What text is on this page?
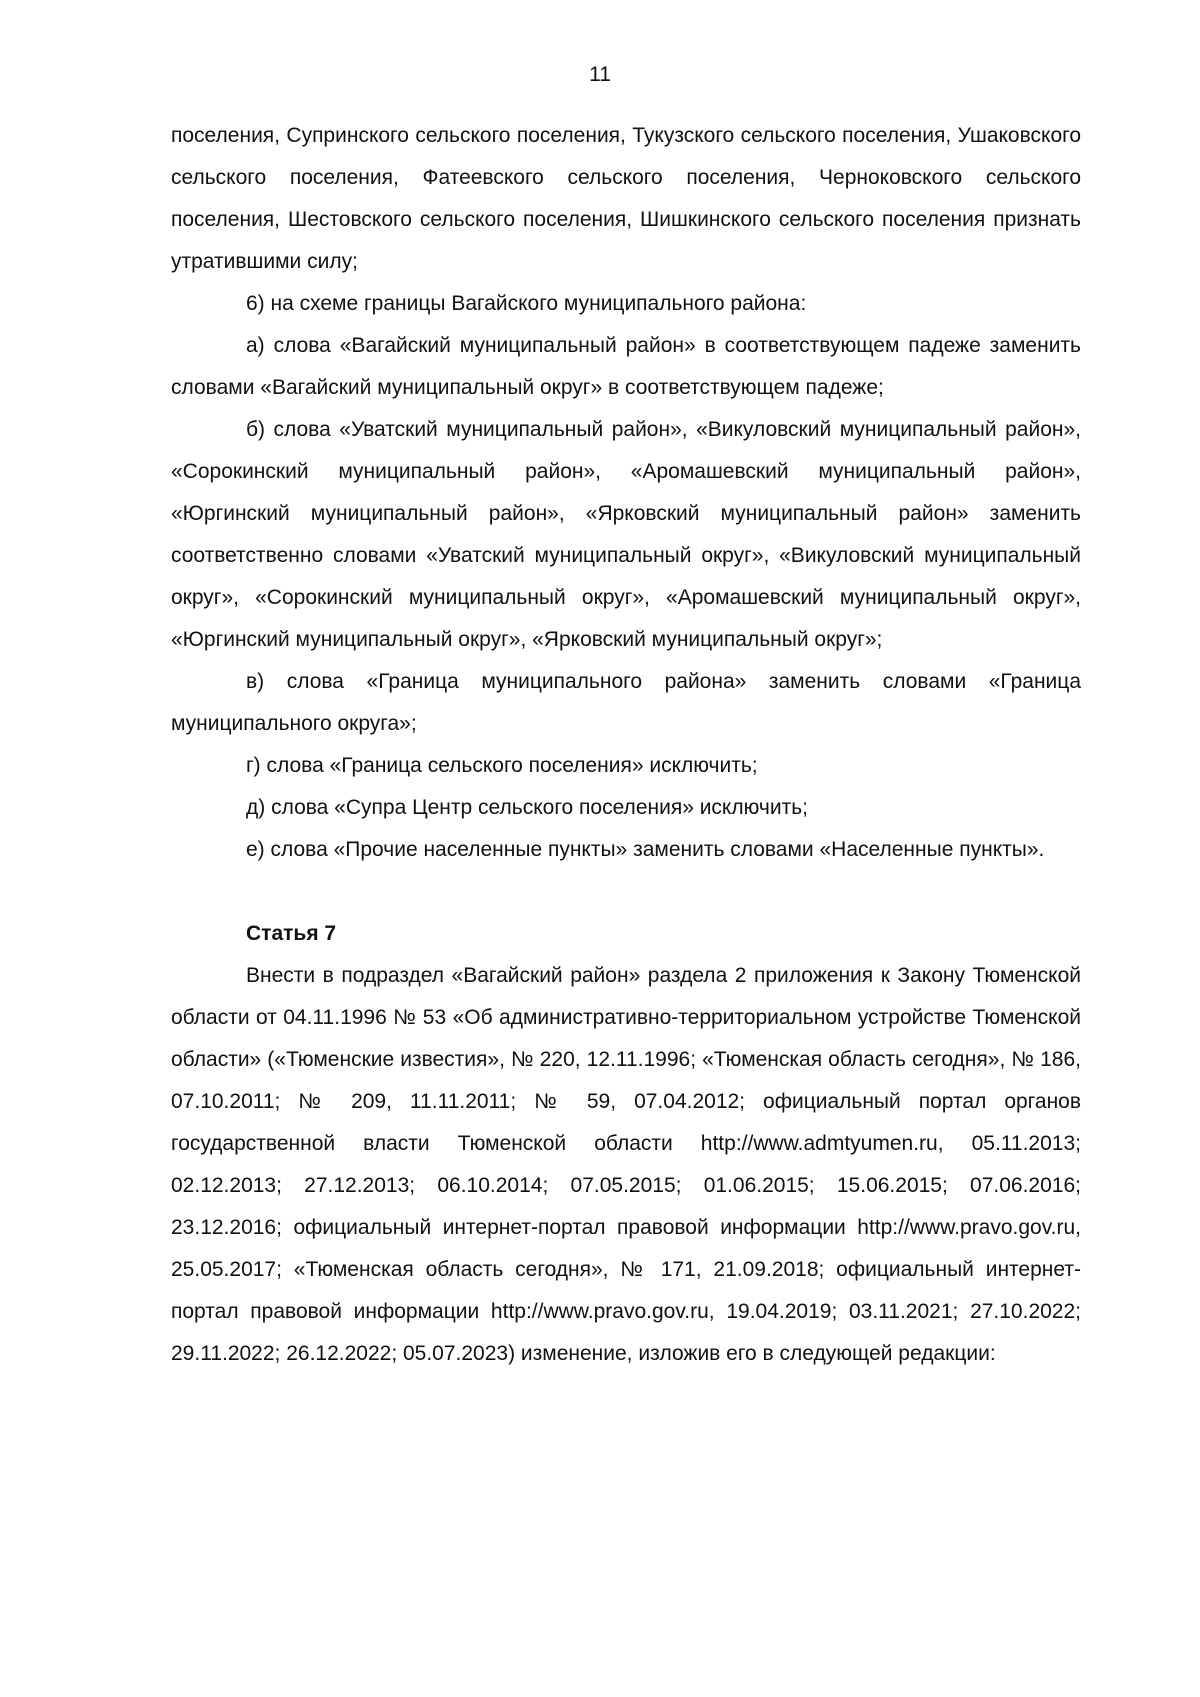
11

поселения, Супринского сельского поселения, Тукузского сельского поселения, Ушаковского сельского поселения, Фатеевского сельского поселения, Черноковского сельского поселения, Шестовского сельского поселения, Шишкинского сельского поселения признать утратившими силу;

6) на схеме границы Вагайского муниципального района:

а) слова «Вагайский муниципальный район» в соответствующем падеже заменить словами «Вагайский муниципальный округ» в соответствующем падеже;

б) слова «Уватский муниципальный район», «Викуловский муниципальный район», «Сорокинский муниципальный район», «Аромашевский муниципальный район», «Юргинский муниципальный район», «Ярковский муниципальный район» заменить соответственно словами «Уватский муниципальный округ», «Викуловский муниципальный округ», «Сорокинский муниципальный округ», «Аромашевский муниципальный округ», «Юргинский муниципальный округ», «Ярковский муниципальный округ»;

в) слова «Граница муниципального района» заменить словами «Граница муниципального округа»;

г) слова «Граница сельского поселения» исключить;

д) слова «Супра Центр сельского поселения» исключить;

е) слова «Прочие населенные пункты» заменить словами «Населенные пункты».

Статья 7

Внести в подраздел «Вагайский район» раздела 2 приложения к Закону Тюменской области от 04.11.1996 № 53 «Об административно-территориальном устройстве Тюменской области» («Тюменские известия», № 220, 12.11.1996; «Тюменская область сегодня», № 186, 07.10.2011; № 209, 11.11.2011; № 59, 07.04.2012; официальный портал органов государственной власти Тюменской области http://www.admtyumen.ru, 05.11.2013; 02.12.2013; 27.12.2013; 06.10.2014; 07.05.2015; 01.06.2015; 15.06.2015; 07.06.2016; 23.12.2016; официальный интернет-портал правовой информации http://www.pravo.gov.ru, 25.05.2017; «Тюменская область сегодня», № 171, 21.09.2018; официальный интернет-портал правовой информации http://www.pravo.gov.ru, 19.04.2019; 03.11.2021; 27.10.2022; 29.11.2022; 26.12.2022; 05.07.2023) изменение, изложив его в следующей редакции:
